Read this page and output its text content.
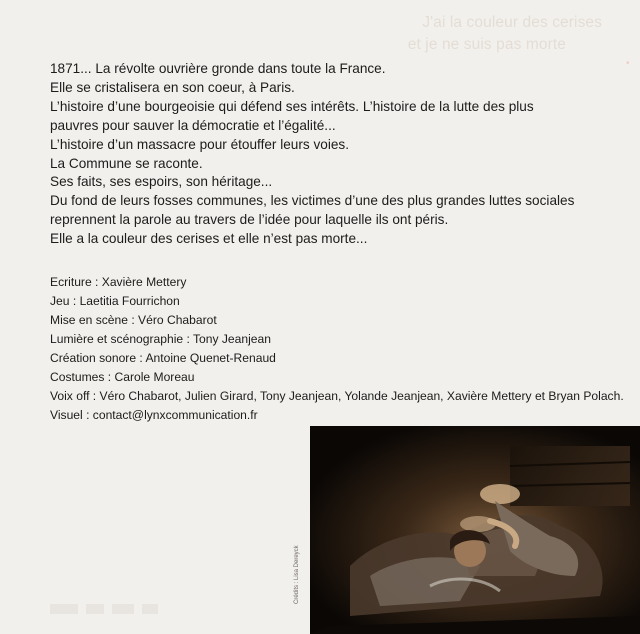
J'ai la couleur des cerises

et je ne suis pas morte
•

1871... La révolte ouvrière gronde dans toute la France.

Elle se cristalisera en son coeur, à Paris.

L’histoire d’une bourgeoisie qui défend ses intérêts. L’histoire de la lutte des plus

pauvres pour sauver la démocratie et l’égalité...

L’histoire d’un massacre pour étouffer leurs voies.

La Commune se raconte.

Ses faits, ses espoirs, son héritage...

Du fond de leurs fosses communes, les victimes d’une des plus grandes luttes sociales

reprennent la parole au travers de l’idée pour laquelle ils ont péris.

Elle a la couleur des cerises et elle n’est pas morte...

Ecriture : Xavière Mettery

Jeu : Laetitia Fourrichon

Mise en scène : Véro Chabarot

Lumière et scénographie : Tony Jeanjean

Création sonore : Antoine Quenet-Renaud

Costumes : Carole Moreau

Voix off : Véro Chabarot, Julien Girard, Tony Jeanjean, Yolande Jeanjean, Xavière Mettery et Bryan Polach.

Visuel : contact@lynxcommunication.fr

Crédits : Lisa Dereyck
